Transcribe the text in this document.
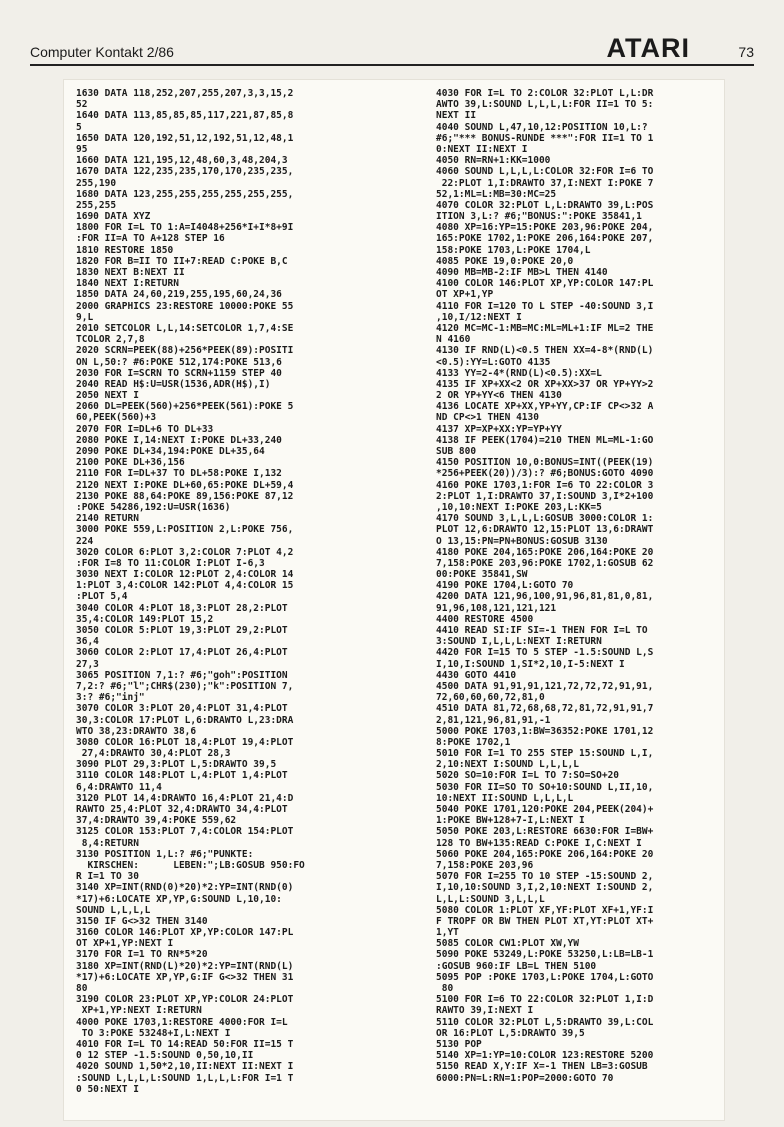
Computer Kontakt 2/86	ATARI	73
1630 DATA 118,252,207,255,207,3,3,15,2
52
1640 DATA 113,85,85,85,117,221,87,85,8
5
1650 DATA 120,192,51,12,192,51,12,48,1
95
1660 DATA 121,195,12,48,60,3,48,204,3
1670 DATA 122,235,235,170,170,235,235,
255,190
1680 DATA 123,255,255,255,255,255,255,
255,255
1690 DATA XYZ
1800 FOR I=L TO 1:A=I4048+256*I+I*8+9I
:FOR II=A TO A+128 STEP 16
1810 RESTORE 1850
1820 FOR B=II TO II+7:READ C:POKE B,C
1830 NEXT B:NEXT II
1840 NEXT I:RETURN
1850 DATA 24,60,219,255,195,60,24,36
2000 GRAPHICS 23:RESTORE 10000:POKE 55
9,L
2010 SETCOLOR L,L,14:SETCOLOR 1,7,4:SE
TCOLOR 2,7,8
2020 SCRN=PEEK(88)+256*PEEK(89):POSITI
ON L,50:? #6:POKE 512,174:POKE 513,6
2030 FOR I=SCRN TO SCRN+1159 STEP 40
2040 READ H$:U=USR(1536,ADR(H$),I)
2050 NEXT I
2060 DL=PEEK(560)+256*PEEK(561):POKE 5
60,PEEK(560)+3
2070 FOR I=DL+6 TO DL+33
2080 POKE I,14:NEXT I:POKE DL+33,240
2090 POKE DL+34,194:POKE DL+35,64
2100 POKE DL+36,156
2110 FOR I=DL+37 TO DL+58:POKE I,132
2120 NEXT I:POKE DL+60,65:POKE DL+59,4
2130 POKE 88,64:POKE 89,156:POKE 87,12
:POKE 54286,192:U=USR(1636)
2140 RETURN
3000 POKE 559,L:POSITION 2,L:POKE 756,
224
3020 COLOR 6:PLOT 3,2:COLOR 7:PLOT 4,2
:FOR I=8 TO 11:COLOR I:PLOT I-6,3
3030 NEXT I:COLOR 12:PLOT 2,4:COLOR 14
1:PLOT 3,4:COLOR 142:PLOT 4,4:COLOR 15
:PLOT 5,4
3040 COLOR 4:PLOT 18,3:PLOT 28,2:PLOT
35,4:COLOR 149:PLOT 15,2
3050 COLOR 5:PLOT 19,3:PLOT 29,2:PLOT
36,4
3060 COLOR 2:PLOT 17,4:PLOT 26,4:PLOT
27,3
3065 POSITION 7,1:? #6;"goh":POSITION
7,2:? #6;"l";CHR$(230);"k":POSITION 7,
3:? #6;"inj"
3070 COLOR 3:PLOT 20,4:PLOT 31,4:PLOT
30,3:COLOR 17:PLOT L,6:DRAWTO L,23:DRA
WTO 38,23:DRAWTO 38,6
3080 COLOR 16:PLOT 18,4:PLOT 19,4:PLOT
27,4:DRAWTO 30,4:PLOT 28,3
3090 PLOT 29,3:PLOT L,5:DRAWTO 39,5
3110 COLOR 148:PLOT L,4:PLOT 1,4:PLOT
6,4:DRAWTO 11,4
3120 PLOT 14,4:DRAWTO 16,4:PLOT 21,4:D
RAWTO 25,4:PLOT 32,4:DRAWTO 34,4:PLOT
37,4:DRAWTO 39,4:POKE 559,62
3125 COLOR 153:PLOT 7,4:COLOR 154:PLOT
8,4:RETURN
3130 POSITION 1,L:? #6;"PUNKTE:
KIRSCHEN:      LEBEN:";LB:GOSUB 950:FO
R I=1 TO 30
3140 XP=INT(RND(0)*20)*2:YP=INT(RND(0)
*17)+6:LOCATE XP,YP,G:SOUND L,10,10:
SOUND L,L,L,L
3150 IF G<>32 THEN 3140
3160 COLOR 146:PLOT XP,YP:COLOR 147:PL
OT XP+1,YP:NEXT I
3170 FOR I=1 TO RN*5*20
3180 XP=INT(RND(L)*20)*2:YP=INT(RND(L)
*17)+6:LOCATE XP,YP,G:IF G<>32 THEN 31
80
3190 COLOR 23:PLOT XP,YP:COLOR 24:PLOT
XP+1,YP:NEXT I:RETURN
4000 POKE 1703,1:RESTORE 4000:FOR I=L
TO 3:POKE 53248+I,L:NEXT I
4010 FOR I=L TO 14:READ 50:FOR II=15 T
0 12 STEP -1.5:SOUND 0,50,10,II
4020 SOUND 1,50*2,10,II:NEXT II:NEXT I
:SOUND L,L,L,L:SOUND 1,L,L,L:FOR I=1 T
0 50:NEXT I
4030 FOR I=L TO 2:COLOR 32:PLOT L,L:DR
AWTO 39,L:SOUND L,L,L,L:FOR II=1 TO 5:
NEXT II
4040 SOUND L,47,10,12:POSITION 10,L:?
#6;"*** BONUS-RUNDE ***":FOR II=1 TO 1
0:NEXT II:NEXT I
4050 RN=RN+1:KK=1000
4060 SOUND L,L,L,L:COLOR 32:FOR I=6 TO
22:PLOT 1,I:DRAWTO 37,I:NEXT I:POKE 7
52,1:ML=L:MB=30:MC=25
4070 COLOR 32:PLOT L,L:DRAWTO 39,L:POS
ITION 3,L:? #6;"BONUS:":POKE 35841,1
4080 XP=16:YP=15:POKE 203,96:POKE 204,
165:POKE 1702,1:POKE 206,164:POKE 207,
158:POKE 1703,L:POKE 1704,L
4085 POKE 19,0:POKE 20,0
4090 MB=MB-2:IF MB>L THEN 4140
4100 COLOR 146:PLOT XP,YP:COLOR 147:PL
OT XP+1,YP
4110 FOR I=120 TO L STEP -40:SOUND 3,I
,10,I/12:NEXT I
4120 MC=MC-1:MB=MC:ML=ML+1:IF ML=2 THE
N 4160
4130 IF RND(L)<0.5 THEN XX=4-8*(RND(L)
<0.5):YY=L:GOTO 4135
4133 YY=2-4*(RND(L)<0.5):XX=L
4135 IF XP+XX<2 OR XP+XX>37 OR YP+YY>2
2 OR YP+YY<6 THEN 4130
4136 LOCATE XP+XX,YP+YY,CP:IF CP<>32 A
ND CP<>1 THEN 4130
4137 XP=XP+XX:YP=YP+YY
4138 IF PEEK(1704)=210 THEN ML=ML-1:GO
SUB 800
4150 POSITION 10,0:BONUS=INT((PEEK(19)
*256+PEEK(20))/3):? #6;BONUS:GOTO 4090
4160 POKE 1703,1:FOR I=6 TO 22:COLOR 3
2:PLOT 1,I:DRAWTO 37,I:SOUND 3,I*2+100
,10,10:NEXT I:POKE 203,L:KK=5
4170 SOUND 3,L,L,L:GOSUB 3000:COLOR 1:
PLOT 12,6:DRAWTO 12,15:PLOT 13,6:DRAWT
O 13,15:PN=PN+BONUS:GOSUB 3130
4180 POKE 204,165:POKE 206,164:POKE 20
7,158:POKE 203,96:POKE 1702,1:GOSUB 62
00:POKE 35841,SW
4190 POKE 1704,L:GOTO 70
4200 DATA 121,96,100,91,96,81,81,0,81,
91,96,108,121,121,121
4400 RESTORE 4500
4410 READ SI:IF SI=-1 THEN FOR I=L TO
3:SOUND I,L,L,L:NEXT I:RETURN
4420 FOR I=15 TO 5 STEP -1.5:SOUND L,S
I,10,I:SOUND 1,SI*2,10,I-5:NEXT I
4430 GOTO 4410
4500 DATA 91,91,91,121,72,72,72,91,91,
72,60,60,60,72,81,0
4510 DATA 81,72,68,68,72,81,72,91,91,7
2,81,121,96,81,91,-1
5000 POKE 1703,1:BW=36352:POKE 1701,12
8:POKE 1702,1
5010 FOR I=1 TO 255 STEP 15:SOUND L,I,
2,10:NEXT I:SOUND L,L,L,L
5020 SO=10:FOR I=L TO 7:SO=SO+20
5030 FOR II=SO TO SO+10:SOUND L,II,10,
10:NEXT II:SOUND L,L,L,L
5040 POKE 1701,120:POKE 204,PEEK(204)+
1:POKE BW+128+7-I,L:NEXT I
5050 POKE 203,L:RESTORE 6630:FOR I=BW+
128 TO BW+135:READ C:POKE I,C:NEXT I
5060 POKE 204,165:POKE 206,164:POKE 20
7,158:POKE 203,96
5070 FOR I=255 TO 10 STEP -15:SOUND 2,
I,10,10:SOUND 3,I,2,10:NEXT I:SOUND 2,
L,L,L:SOUND 3,L,L,L
5080 COLOR 1:PLOT XF,YF:PLOT XF+1,YF:I
F TROPF OR BW THEN PLOT XT,YT:PLOT XT+
1,YT
5085 COLOR CW1:PLOT XW,YW
5090 POKE 53249,L:POKE 53250,L:LB=LB-1
:GOSUB 960:IF LB=L THEN 5100
5095 POP :POKE 1703,L:POKE 1704,L:GOTO
80
5100 FOR I=6 TO 22:COLOR 32:PLOT 1,I:D
RAWTO 39,I:NEXT I
5110 COLOR 32:PLOT L,5:DRAWTO 39,L:COL
OR 16:PLOT L,5:DRAWTO 39,5
5130 POP
5140 XP=1:YP=10:COLOR 123:RESTORE 5200
5150 READ X,Y:IF X=-1 THEN LB=3:GOSUB
6000:PN=L:RN=1:POP=2000:GOTO 70
